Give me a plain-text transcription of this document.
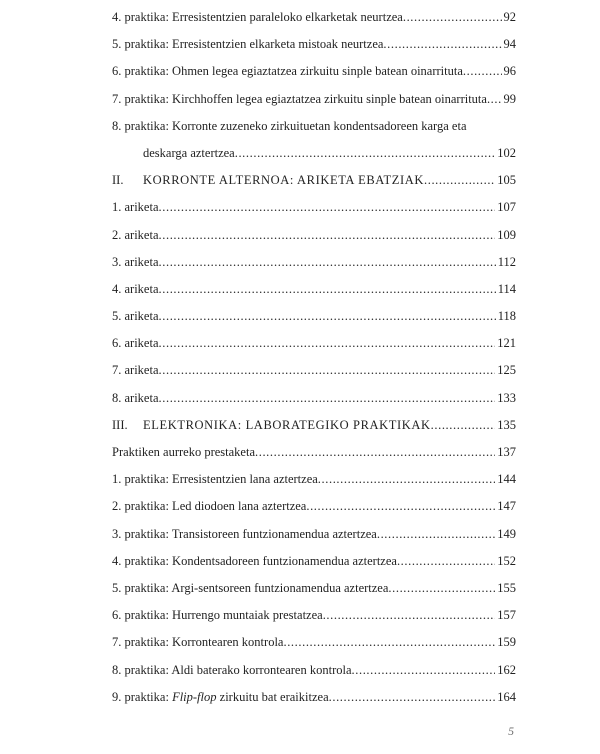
4. praktika: Erresistentzien paraleloko elkarketak neurtzea .....	92
5. praktika: Erresistentzien elkarketa mistoak neurtzea .....	94
6. praktika: Ohmen legea egiaztatzea zirkuitu sinple batean oinarrituta .....	96
7. praktika: Kirchhoffen legea egiaztatzea zirkuitu sinple batean oinarrituta ..... 99
8. praktika: Korronte zuzeneko zirkuituetan kondentsadoreen karga eta
deskarga aztertzea .....	102
II.	KORRONTE ALTERNOA: ARIKETA EBATZIAK .....	105
1. ariketa .....	107
2. ariketa .....	109
3. ariketa .....	112
4. ariketa .....	114
5. ariketa .....	118
6. ariketa .....	121
7. ariketa .....	125
8. ariketa .....	133
III.	ELEKTRONIKA: LABORATEGIKO PRAKTIKAK .....	135
Praktiken aurreko prestaketa .....	137
1. praktika: Erresistentzien lana aztertzea .....	144
2. praktika: Led diodoen lana aztertzea .....	147
3. praktika: Transistoreen funtzionamendua aztertzea .....	149
4. praktika: Kondentsadoreen funtzionamendua aztertzea .....	152
5. praktika: Argi-sentsoreen funtzionamendua aztertzea .....	155
6. praktika: Hurrengo muntaiak prestatzea .....	157
7. praktika: Korrontearen kontrola .....	159
8. praktika: Aldi baterako korrontearen kontrola .....	162
9. praktika: Flip-flop zirkuitu bat eraikitzea .....	164
5
